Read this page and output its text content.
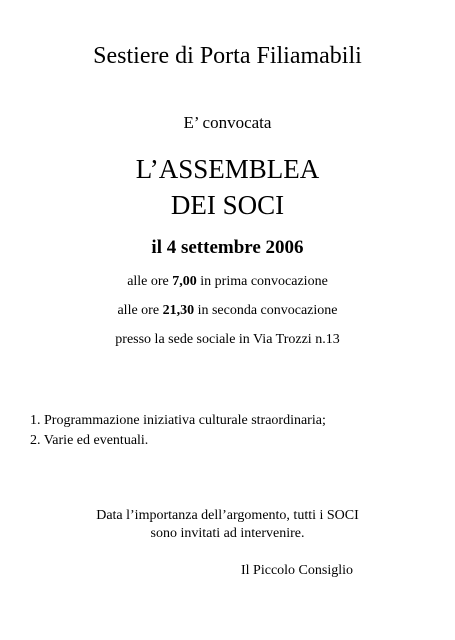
Sestiere di Porta Filiamabili
E’ convocata
L’ASSEMBLEA
DEI SOCI
il 4 settembre 2006
alle ore 7,00 in prima convocazione
alle ore 21,30 in seconda convocazione
presso la sede sociale in Via Trozzi n.13
1. Programmazione iniziativa culturale straordinaria;
2. Varie ed eventuali.
Data l’importanza dell’argomento, tutti i SOCI
sono invitati ad intervenire.
Il Piccolo Consiglio
